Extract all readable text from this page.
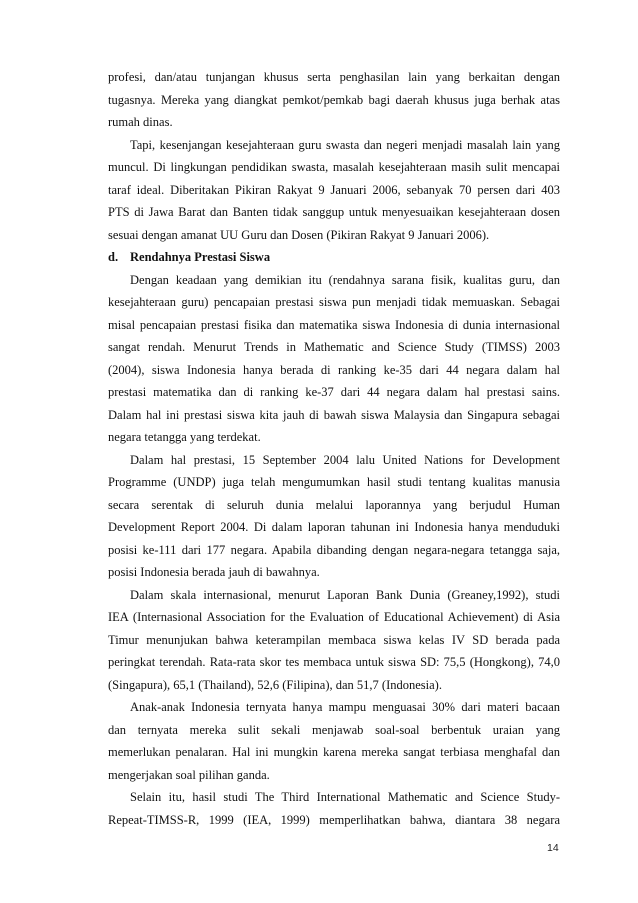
profesi, dan/atau tunjangan khusus serta penghasilan lain yang berkaitan dengan
tugasnya. Mereka yang diangkat pemkot/pemkab bagi daerah khusus juga berhak atas
rumah dinas.
Tapi, kesenjangan kesejahteraan guru swasta dan negeri menjadi masalah lain yang
muncul. Di lingkungan pendidikan swasta, masalah kesejahteraan masih sulit mencapai
taraf ideal. Diberitakan Pikiran Rakyat 9 Januari 2006, sebanyak 70 persen dari 403
PTS di Jawa Barat dan Banten tidak sanggup untuk menyesuaikan kesejahteraan dosen
sesuai dengan amanat UU Guru dan Dosen (Pikiran Rakyat 9 Januari 2006).
d. Rendahnya Prestasi Siswa
Dengan keadaan yang demikian itu (rendahnya sarana fisik, kualitas guru, dan
kesejahteraan guru) pencapaian prestasi siswa pun menjadi tidak memuaskan. Sebagai
misal pencapaian prestasi fisika dan matematika siswa Indonesia di dunia internasional
sangat rendah. Menurut Trends in Mathematic and Science Study (TIMSS) 2003
(2004), siswa Indonesia hanya berada di ranking ke-35 dari 44 negara dalam hal
prestasi matematika dan di ranking ke-37 dari 44 negara dalam hal prestasi sains.
Dalam hal ini prestasi siswa kita jauh di bawah siswa Malaysia dan Singapura sebagai
negara tetangga yang terdekat.
Dalam hal prestasi, 15 September 2004 lalu United Nations for Development
Programme (UNDP) juga telah mengumumkan hasil studi tentang kualitas manusia
secara serentak di seluruh dunia melalui laporannya yang berjudul Human
Development Report 2004. Di dalam laporan tahunan ini Indonesia hanya menduduki
posisi ke-111 dari 177 negara. Apabila dibanding dengan negara-negara tetangga saja,
posisi Indonesia berada jauh di bawahnya.
Dalam skala internasional, menurut Laporan Bank Dunia (Greaney,1992), studi
IEA (Internasional Association for the Evaluation of Educational Achievement) di Asia
Timur menunjukan bahwa keterampilan membaca siswa kelas IV SD berada pada
peringkat terendah. Rata-rata skor tes membaca untuk siswa SD: 75,5 (Hongkong), 74,0
(Singapura), 65,1 (Thailand), 52,6 (Filipina), dan 51,7 (Indonesia).
Anak-anak Indonesia ternyata hanya mampu menguasai 30% dari materi bacaan
dan ternyata mereka sulit sekali menjawab soal-soal berbentuk uraian yang
memerlukan penalaran. Hal ini mungkin karena mereka sangat terbiasa menghafal dan
mengerjakan soal pilihan ganda.
Selain itu, hasil studi The Third International Mathematic and Science Study-
Repeat-TIMSS-R, 1999 (IEA, 1999) memperlihatkan bahwa, diantara 38 negara
14
